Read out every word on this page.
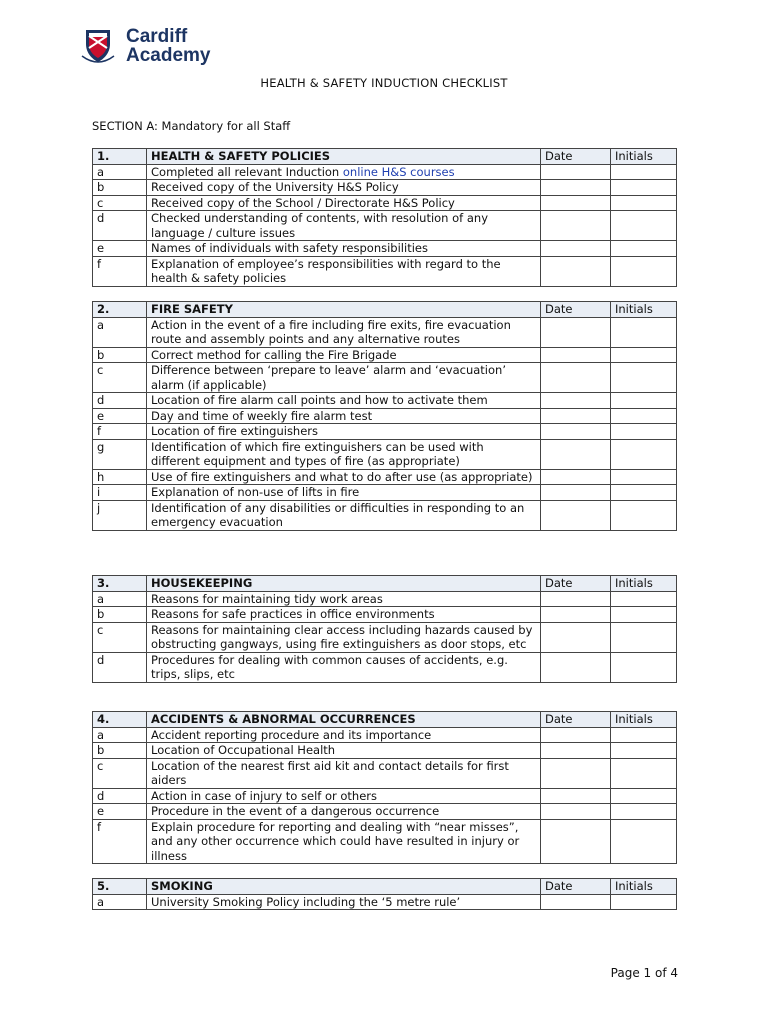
Cardiff
Academy
HEALTH & SAFETY INDUCTION CHECKLIST
SECTION A: Mandatory for all Staff
1.	HEALTH & SAFETY POLICIES	Date	Initials
a	Completed all relevant Induction online H&S courses		
b	Received copy of the University H&S Policy		
c	Received copy of the School / Directorate H&S Policy		
d	Checked understanding of contents, with resolution of any language / culture issues		
e	Names of individuals with safety responsibilities		
f	Explanation of employee’s responsibilities with regard to the health & safety policies		
2.	FIRE SAFETY	Date	Initials
a	Action in the event of a fire including fire exits, fire evacuation route and assembly points and any alternative routes		
b	Correct method for calling the Fire Brigade		
c	Difference between ‘prepare to leave’ alarm and ‘evacuation’ alarm (if applicable)		
d	Location of fire alarm call points and how to activate them		
e	Day and time of weekly fire alarm test		
f	Location of fire extinguishers		
g	Identification of which fire extinguishers can be used with different equipment and types of fire (as appropriate)		
h	Use of fire extinguishers and what to do after use (as appropriate)		
i	Explanation of non-use of lifts in fire		
j	Identification of any disabilities or difficulties in responding to an emergency evacuation		
3.	HOUSEKEEPING	Date	Initials
a	Reasons for maintaining tidy work areas		
b	Reasons for safe practices in office environments		
c	Reasons for maintaining clear access including hazards caused by obstructing gangways, using fire extinguishers as door stops, etc		
d	Procedures for dealing with common causes of accidents, e.g. trips, slips, etc		
4.	ACCIDENTS & ABNORMAL OCCURRENCES	Date	Initials
a	Accident reporting procedure and its importance		
b	Location of Occupational Health		
c	Location of the nearest first aid kit and contact details for first aiders		
d	Action in case of injury to self or others		
e	Procedure in the event of a dangerous occurrence		
f	Explain procedure for reporting and dealing with “near misses”, and any other occurrence which could have resulted in injury or illness		
5.	SMOKING	Date	Initials
a	University Smoking Policy including the ‘5 metre rule’		
Page 1 of 4
